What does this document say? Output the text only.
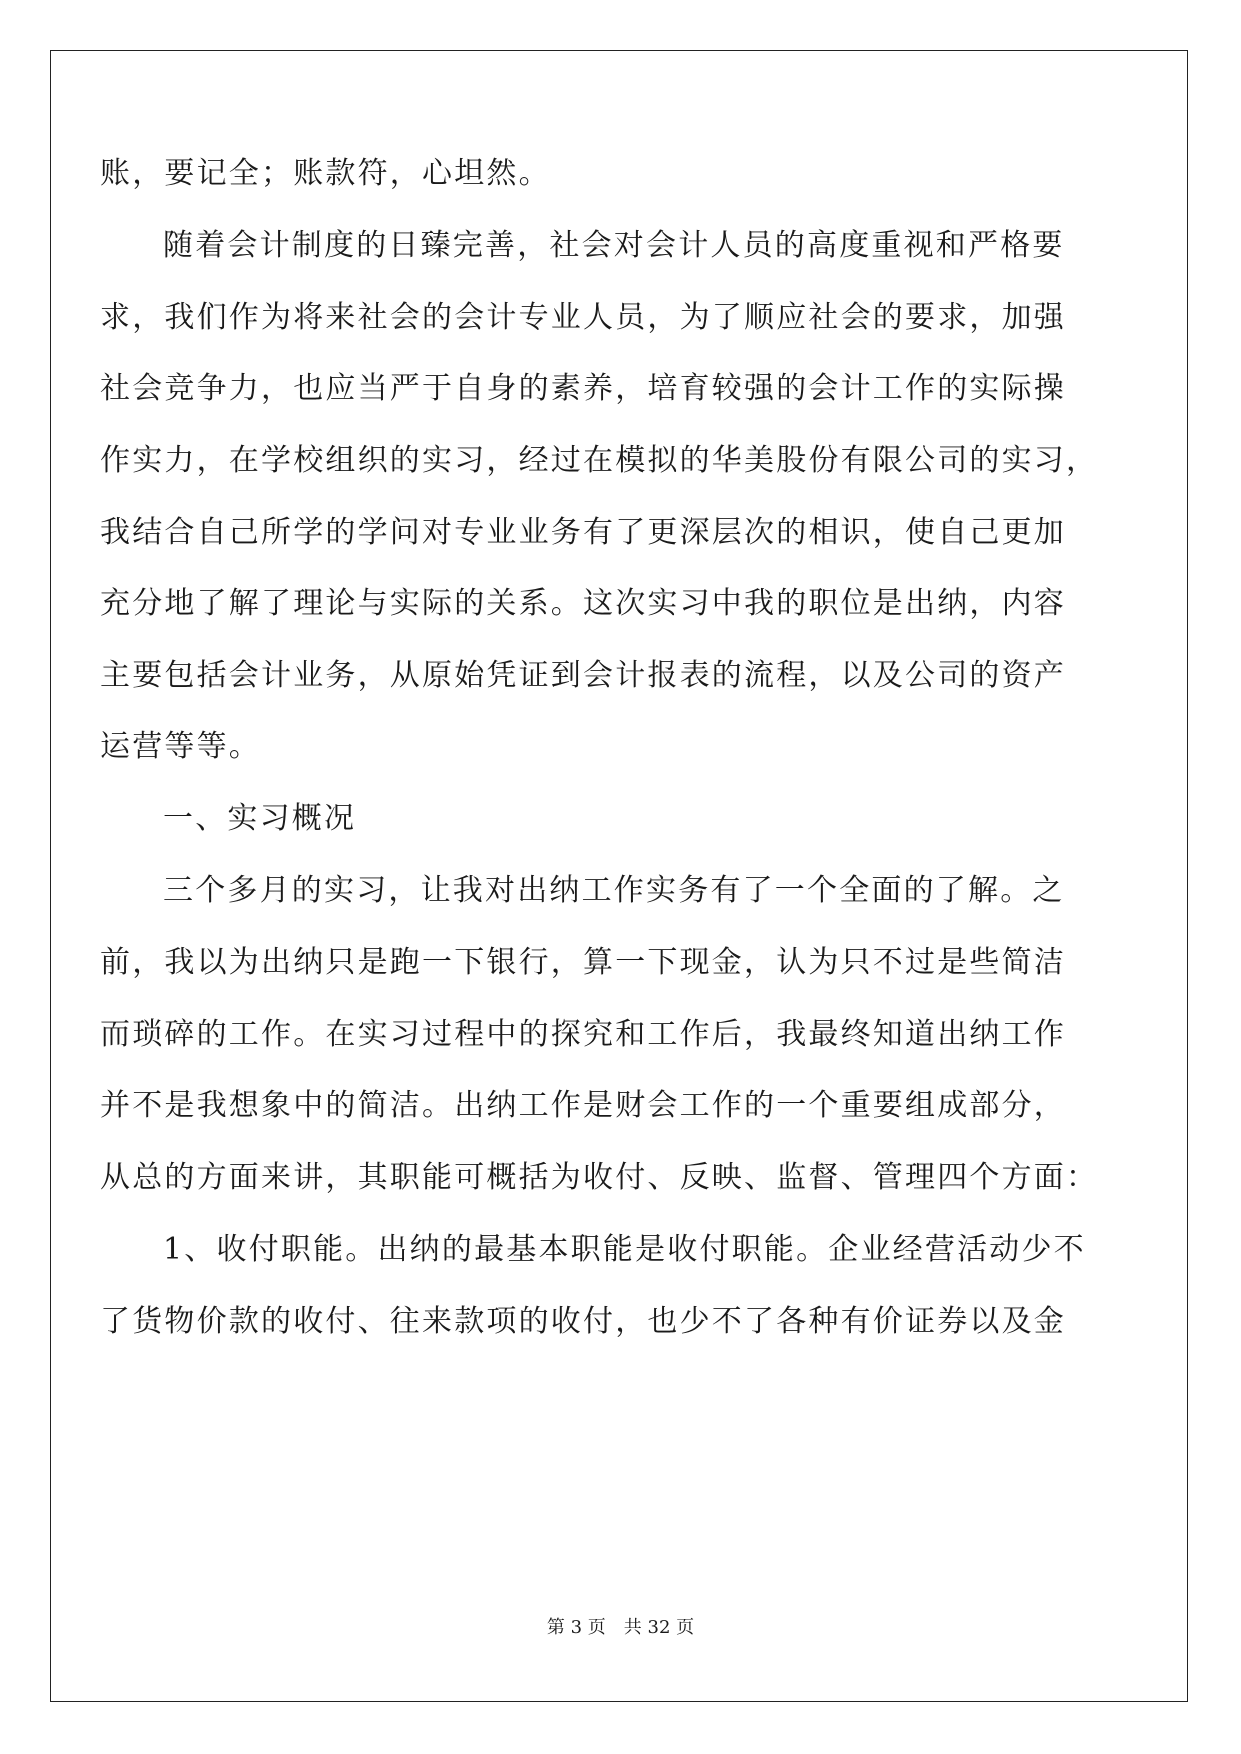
账，要记全；账款符，心坦然。
随着会计制度的日臻完善，社会对会计人员的高度重视和严格要
求，我们作为将来社会的会计专业人员，为了顺应社会的要求，加强
社会竞争力，也应当严于自身的素养，培育较强的会计工作的实际操
作实力，在学校组织的实习，经过在模拟的华美股份有限公司的实习，
我结合自己所学的学问对专业业务有了更深层次的相识，使自己更加
充分地了解了理论与实际的关系。这次实习中我的职位是出纳，内容
主要包括会计业务，从原始凭证到会计报表的流程，以及公司的资产
运营等等。
一、实习概况
三个多月的实习，让我对出纳工作实务有了一个全面的了解。之
前，我以为出纳只是跑一下银行，算一下现金，认为只不过是些简洁
而琐碎的工作。在实习过程中的探究和工作后，我最终知道出纳工作
并不是我想象中的简洁。出纳工作是财会工作的一个重要组成部分，
从总的方面来讲，其职能可概括为收付、反映、监督、管理四个方面：
1、收付职能。出纳的最基本职能是收付职能。企业经营活动少不
了货物价款的收付、往来款项的收付，也少不了各种有价证券以及金
第 3 页 共 32 页
